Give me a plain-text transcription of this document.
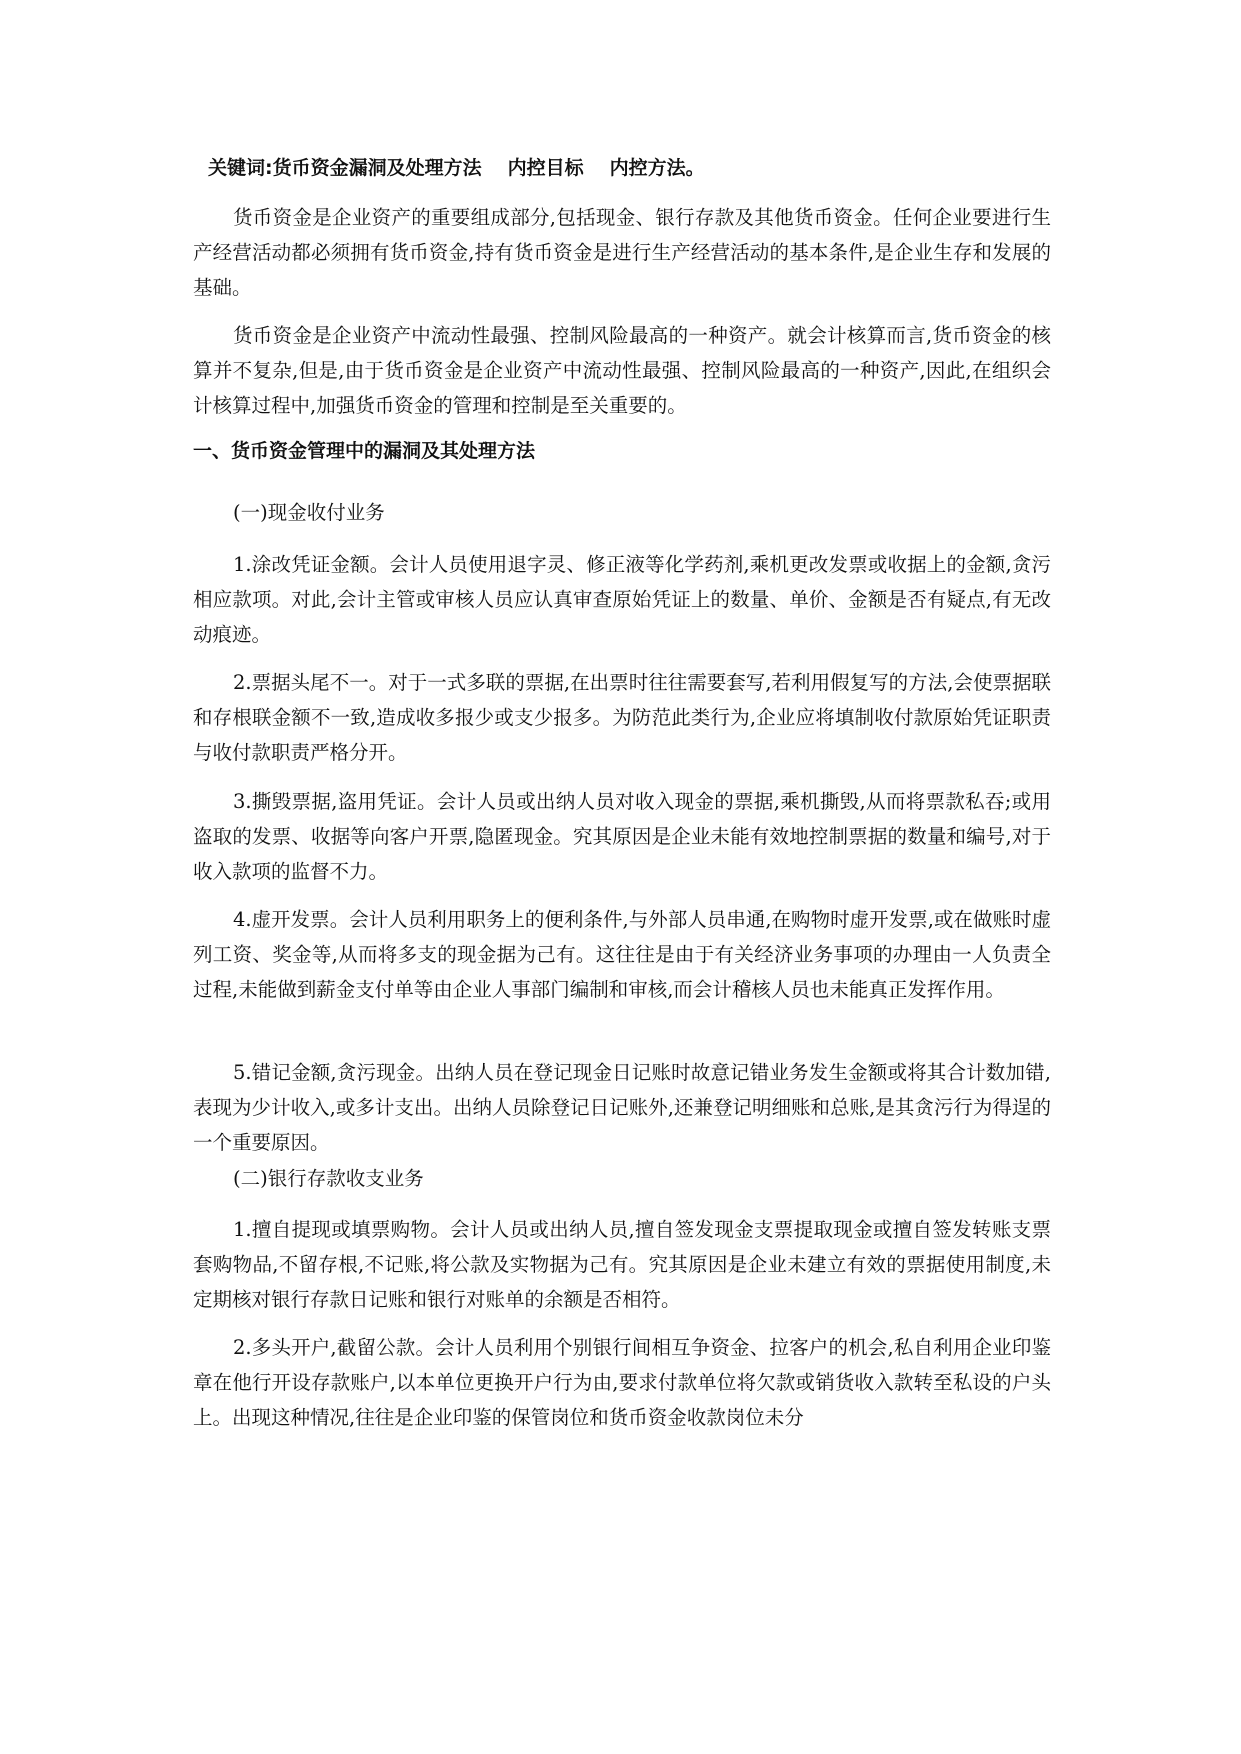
关键词:货币资金漏洞及处理方法 内控目标 内控方法。

货币资金是企业资产的重要组成部分,包括现金、银行存款及其他货币资金。任何企业要进行生产经营活动都必须拥有货币资金,持有货币资金是进行生产经营活动的基本条件,是企业生存和发展的基础。

货币资金是企业资产中流动性最强、控制风险最高的一种资产。就会计核算而言,货币资金的核算并不复杂,但是,由于货币资金是企业资产中流动性最强、控制风险最高的一种资产,因此,在组织会计核算过程中,加强货币资金的管理和控制是至关重要的。

一、货币资金管理中的漏洞及其处理方法
(一)现金收付业务

1.涂改凭证金额。会计人员使用退字灵、修正液等化学药剂,乘机更改发票或收据上的金额,贪污相应款项。对此,会计主管或审核人员应认真审查原始凭证上的数量、单价、金额是否有疑点,有无改动痕迹。

2.票据头尾不一。对于一式多联的票据,在出票时往往需要套写,若利用假复写的方法,会使票据联和存根联金额不一致,造成收多报少或支少报多。为防范此类行为,企业应将填制收付款原始凭证职责与收付款职责严格分开。

3.撕毁票据,盗用凭证。会计人员或出纳人员对收入现金的票据,乘机撕毁,从而将票款私吞;或用盗取的发票、收据等向客户开票,隐匿现金。究其原因是企业未能有效地控制票据的数量和编号,对于收入款项的监督不力。

4.虚开发票。会计人员利用职务上的便利条件,与外部人员串通,在购物时虚开发票,或在做账时虚列工资、奖金等,从而将多支的现金据为己有。这往往是由于有关经济业务事项的办理由一人负责全过程,未能做到薪金支付单等由企业人事部门编制和审核,而会计稽核人员也未能真正发挥作用。

5.错记金额,贪污现金。出纳人员在登记现金日记账时故意记错业务发生金额或将其合计数加错,表现为少计收入,或多计支出。出纳人员除登记日记账外,还兼登记明细账和总账,是其贪污行为得逞的一个重要原因。

(二)银行存款收支业务

1.擅自提现或填票购物。会计人员或出纳人员,擅自签发现金支票提取现金或擅自签发转账支票套购物品,不留存根,不记账,将公款及实物据为己有。究其原因是企业未建立有效的票据使用制度,未定期核对银行存款日记账和银行对账单的余额是否相符。

2.多头开户,截留公款。会计人员利用个别银行间相互争资金、拉客户的机会,私自利用企业印鉴章在他行开设存款账户,以本单位更换开户行为由,要求付款单位将欠款或销货收入款转至私设的户头上。出现这种情况,往往是企业印鉴的保管岗位和货币资金收款岗位未分
